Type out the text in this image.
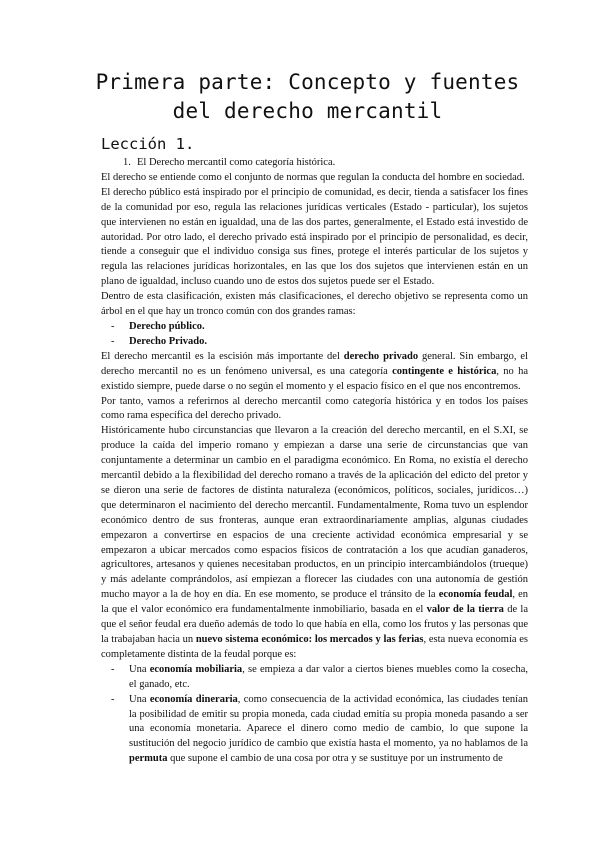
Primera parte: Concepto y fuentes del derecho mercantil
Lección 1.
1. El Derecho mercantil como categoría histórica.

El derecho se entiende como el conjunto de normas que regulan la conducta del hombre en sociedad.

El derecho público está inspirado por el principio de comunidad, es decir, tienda a satisfacer los fines de la comunidad por eso, regula las relaciones jurídicas verticales (Estado - particular), los sujetos que intervienen no están en igualdad, una de las dos partes, generalmente, el Estado está investido de autoridad. Por otro lado, el derecho privado está inspirado por el principio de personalidad, es decir, tiende a conseguir que el individuo consiga sus fines, protege el interés particular de los sujetos y regula las relaciones jurídicas horizontales, en las que los dos sujetos que intervienen están en un plano de igualdad, incluso cuando uno de estos dos sujetos puede ser el Estado.

Dentro de esta clasificación, existen más clasificaciones, el derecho objetivo se representa como un árbol en el que hay un tronco común con dos grandes ramas:

- Derecho público.
- Derecho Privado.

El derecho mercantil es la escisión más importante del derecho privado general. Sin embargo, el derecho mercantil no es un fenómeno universal, es una categoría contingente e histórica, no ha existido siempre, puede darse o no según el momento y el espacio físico en el que nos encontremos.

Por tanto, vamos a referirnos al derecho mercantil como categoría histórica y en todos los países como rama específica del derecho privado.

Históricamente hubo circunstancias que llevaron a la creación del derecho mercantil, en el S.XI, se produce la caída del imperio romano y empiezan a darse una serie de circunstancias que van conjuntamente a determinar un cambio en el paradigma económico. En Roma, no existía el derecho mercantil debido a la flexibilidad del derecho romano a través de la aplicación del edicto del pretor y se dieron una serie de factores de distinta naturaleza (económicos, políticos, sociales, jurídicos…) que determinaron el nacimiento del derecho mercantil. Fundamentalmente, Roma tuvo un esplendor económico dentro de sus fronteras, aunque eran extraordinariamente amplias, algunas ciudades empezaron a convertirse en espacios de una creciente actividad económica empresarial y se empezaron a ubicar mercados como espacios físicos de contratación a los que acudían ganaderos, agricultores, artesanos y quienes necesitaban productos, en un principio intercambiándolos (trueque) y más adelante comprándolos, así empiezan a florecer las ciudades con una autonomía de gestión mucho mayor a la de hoy en día. En ese momento, se produce el tránsito de la economía feudal, en la que el valor económico era fundamentalmente inmobiliario, basada en el valor de la tierra de la que el señor feudal era dueño además de todo lo que había en ella, como los frutos y las personas que la trabajaban hacia un nuevo sistema económico: los mercados y las ferias, esta nueva economía es completamente distinta de la feudal porque es:

- Una economía mobiliaria, se empieza a dar valor a ciertos bienes muebles como la cosecha, el ganado, etc.
- Una economía dineraria, como consecuencia de la actividad económica, las ciudades tenían la posibilidad de emitir su propia moneda, cada ciudad emitía su propia moneda pasando a ser una economía monetaria. Aparece el dinero como medio de cambio, lo que supone la sustitución del negocio jurídico de cambio que existía hasta el momento, ya no hablamos de la permuta que supone el cambio de una cosa por otra y se sustituye por un instrumento de
